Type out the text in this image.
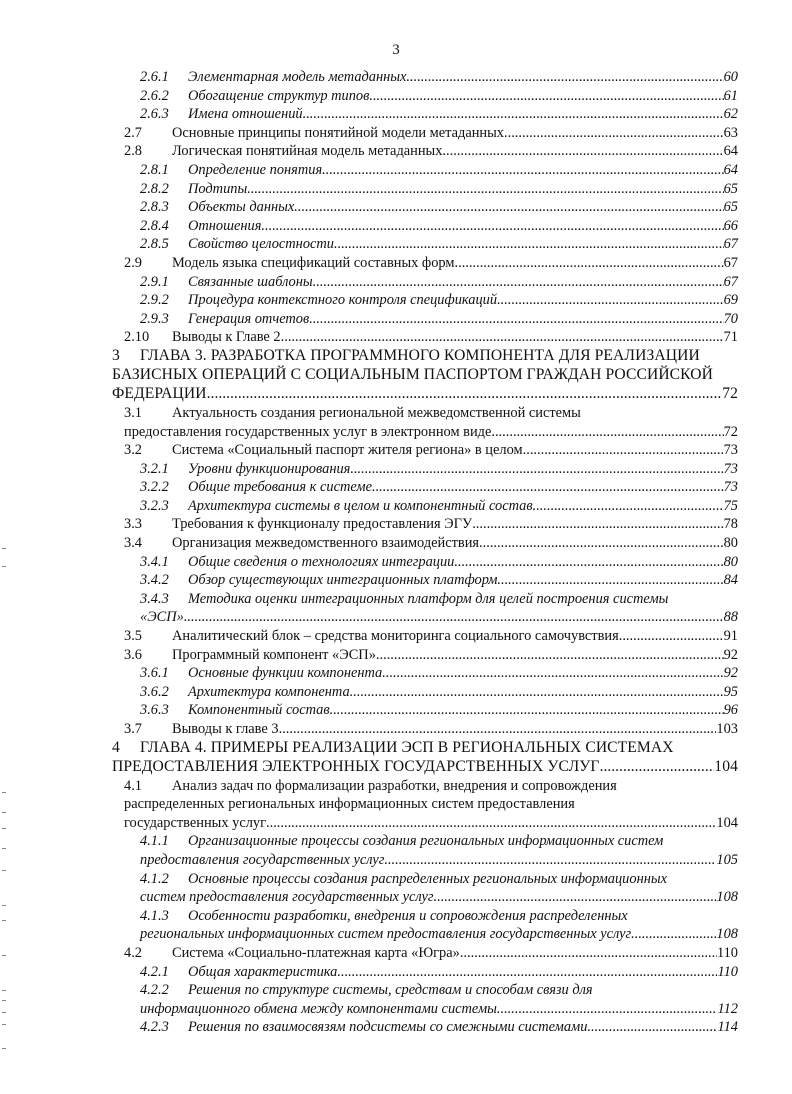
3
2.6.1 Элементарная модель метаданных .....	60
2.6.2 Обогащение структур типов .....	61
2.6.3 Имена отношений .....	62
2.7 Основные принципы понятийной модели метаданных .....	63
2.8 Логическая понятийная модель метаданных .....	64
2.8.1 Определение понятия .....	64
2.8.2 Подтипы .....	65
2.8.3 Объекты данных .....	65
2.8.4 Отношения .....	66
2.8.5 Свойство целостности .....	67
2.9 Модель языка спецификаций составных форм .....	67
2.9.1 Связанные шаблоны .....	67
2.9.2 Процедура контекстного контроля спецификаций .....	69
2.9.3 Генерация отчетов .....	70
2.10 Выводы к Главе 2 .....	71
3 ГЛАВА 3. РАЗРАБОТКА ПРОГРАММНОГО КОМПОНЕНТА ДЛЯ РЕАЛИЗАЦИИ
БАЗИСНЫХ ОПЕРАЦИЙ С СОЦИАЛЬНЫМ ПАСПОРТОМ ГРАЖДАН РОССИЙСКОЙ
ФЕДЕРАЦИИ .....	72
3.1 Актуальность создания региональной межведомственной системы
предоставления государственных услуг в электронном виде .....	72
3.2 Система «Социальный паспорт жителя региона» в целом .....	73
3.2.1 Уровни функционирования .....	73
3.2.2 Общие требования к системе .....	73
3.2.3 Архитектура системы в целом и компонентный состав .....	75
3.3 Требования к функционалу предоставления ЭГУ .....	78
3.4 Организация межведомственного взаимодействия .....	80
3.4.1 Общие сведения о технологиях интеграции .....	80
3.4.2 Обзор существующих интеграционных платформ .....	84
3.4.3 Методика оценки интеграционных платформ для целей построения системы
«ЭСП» .....	88
3.5 Аналитический блок – средства мониторинга социального самочувствия .....	91
3.6 Программный компонент «ЭСП» .....	92
3.6.1 Основные функции компонента .....	92
3.6.2 Архитектура компонента .....	95
3.6.3 Компонентный состав .....	96
3.7 Выводы к главе 3 .....	103
4 ГЛАВА 4. ПРИМЕРЫ РЕАЛИЗАЦИИ ЭСП В РЕГИОНАЛЬНЫХ СИСТЕМАХ
ПРЕДОСТАВЛЕНИЯ ЭЛЕКТРОННЫХ ГОСУДАРСТВЕННЫХ УСЛУГ .....	104
4.1 Анализ задач по формализации разработки, внедрения и сопровождения
распределенных региональных информационных систем предоставления
государственных услуг .....	104
4.1.1 Организационные процессы создания региональных информационных систем
предоставления государственных услуг .....	105
4.1.2 Основные процессы создания распределенных региональных информационных
систем предоставления государственных услуг .....	108
4.1.3 Особенности разработки, внедрения и сопровождения распределенных
региональных информационных систем предоставления государственных услуг .....	108
4.2 Система «Социально-платежная карта «Югра» .....	110
4.2.1 Общая характеристика .....	110
4.2.2 Решения по структуре системы, средствам и способам связи для
информационного обмена между компонентами системы .....	112
4.2.3 Решения по взаимосвязям подсистемы со смежными системами .....	114
